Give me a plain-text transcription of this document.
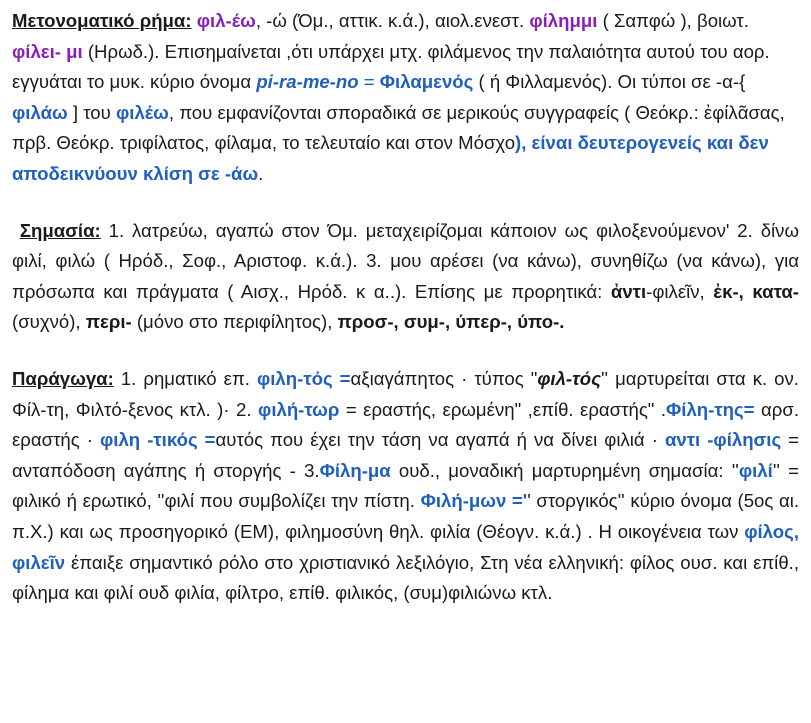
Μετονοματικό ρήμα: φιλ-έω, -ώ (Όμ., αττικ. κ.ά.), αιολ.ενεστ. φίλημμι ( Σαπφώ ), βοιωτ. φίλει- μι (Ηρωδ.). Επισημαίνεται ,ότι υπάρχει μτχ. φιλάμενος την παλαιότητα αυτού του αορ. εγγυάται το μυκ. κύριο όνομα pi-ra-me-no = Φιλαμενός ( ή Φιλλαμενός). Οι τύποι σε -α-{ φιλάω ] του φιλέω, που εμφανίζονται σποραδικά σε μερικούς συγγραφείς ( Θεόκρ.: ἐφίλᾶσας, πρβ. Θεόκρ. τριφίλατος, φίλαμα, το τελευταίο και στον Μόσχο), είναι δευτερογενείς και δεν αποδεικνύουν κλίση σε -άω.

Σημασία: 1. λατρεύω, αγαπώ στον Όμ. μεταχειρίζομαι κάποιον ως φιλοξενούμενον' 2. δίνω φιλί, φιλώ ( Ηρόδ., Σοφ., Αριστοφ. κ.ά.). 3. μου αρέσει (να κάνω), συνηθίζω (να κάνω), για πρόσωπα και πράγματα ( Αισχ., Ηρόδ. κ α..). Επίσης με προρητικά: ἀντι-φιλεῖν, ἐκ-, κατα- (συχνό), περι- (μόνο στο περιφίλητος), προσ-, συμ-, ύπερ-, ύπο-.

Παράγωγα: 1. ρηματικό επ. φιλη-τός =αξιαγάπητος · τύπος "φιλ-τός'' μαρτυρείται στα κ. ον. Φίλ-τη, Φιλτό-ξενος κτλ. )· 2. φιλή-τωρ = εραστής, ερωμένη" ,επίθ. εραστής" .Φίλη-της= αρσ. εραστής · φιλη -τικός =αυτός που έχει την τάση να αγαπά ή να δίνει φιλιά · αντι -φίλησις = ανταπόδοση αγάπης ή στοργής - 3.Φίλη-μα ουδ., μοναδική μαρτυρημένη σημασία: ''φιλί'' = φιλικό ή ερωτικό, ''φιλί που συμβολίζει την πίστη. Φιλή-μων ='' στοργικός'' κύριο όνομα (5ος αι. π.Χ.) και ως προσηγορικό (ΕΜ), φιλημοσύνη θηλ. φιλία (Θέογν. κ.ά.) . Η οικογένεια των φίλος, φιλεῖν έπαιξε σημαντικό ρόλο στο χριστιανικό λεξιλόγιο, Στη νέα ελληνική: φίλος ουσ. και επίθ., φίλημα και φιλί ουδ φιλία, φίλτρο, επίθ. φιλικός, (συμ)φιλιώνω κτλ.
